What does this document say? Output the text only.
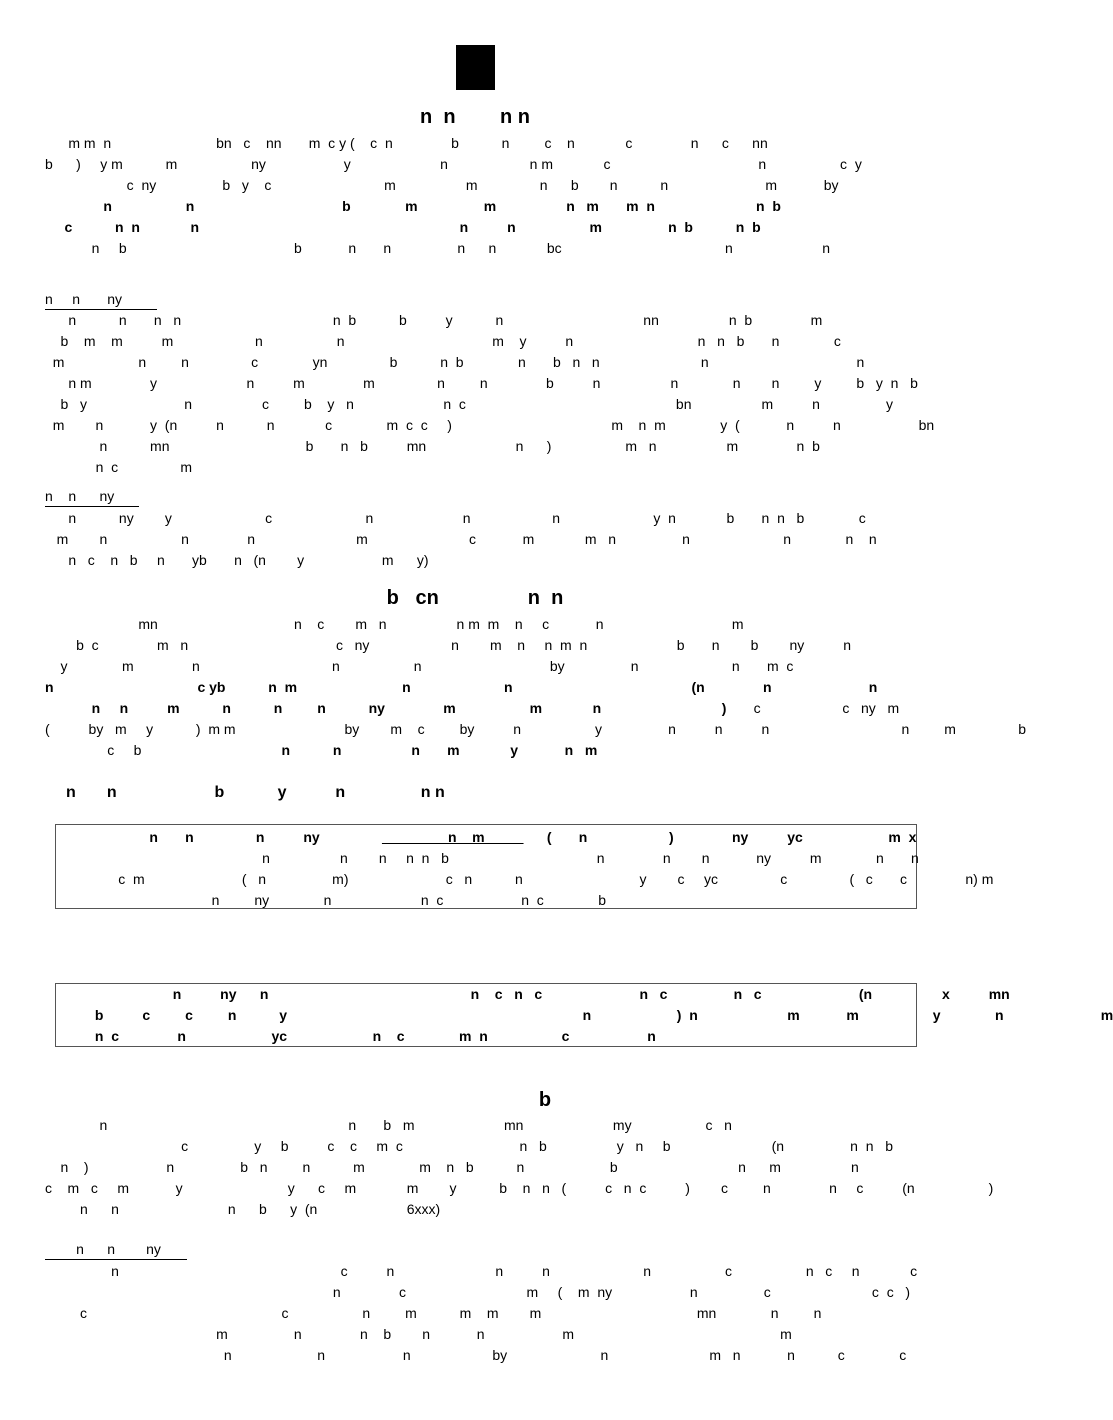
n  n        n n
m m  n                           bn   c    nn       m  c y (    c  n               b           n         c    n             c               n      c      nn
b      )     y m           m                   ny                    y                       n                     n m             c                                      n                   c  y
c  ny                 b   y    c                             m                  m                n      b        n           n                         m            by
n                   n                                      b              m                 m                  n   m       m  n                          n  b
c           n  n             n                                                                   n          n                   m                 n  b           n  b
n     b                                           b            n       n                 n      n             bc                                          n                       n
n     n       ny
n           n       n   n                                       n  b           b          y           n                                    nn                  n  b               m
b    m    m          m                     n                   n                                      m    y          n                                n   n   b       n              c
m                   n         n                c              yn                b           n  b              n       b   n   n                          n                                      n
n m               y                       n          m               m                n         n               b          n                  n              n        n         y         b   y  n   b
b   y                         n                  c         b    y   n                       n  c                                                      bn                  m          n                 y
m        n            y  (n          n           n             c              m  c  c     )                                         m    n  m              y  (            n          n                    bn
n           mn                                   b       n   b          mn                       n      )                   m   n                  m               n  b
n  c                m
n    n      ny
n           ny        y                        c                        n                       n                     n                        y  n             b       n  n   b              c
m        n                   n               n                          m                          c            m             m   n                 n                        n              n    n
n   c    n   b     n       yb       n   (n        y                    m      y)
b   cn                n  n
mn                                   n    c        m   n                  n m  m    n     c            n                                 m
b  c               m   n                                      c   ny                     n        m    n     n  m  n                       b       n        b        ny          n
y              m               n                                  n                   n                                 by                 n                        n       m  c
n                                     c yb           n  m                           n                        n                                              (n               n                         n
n     n          m           n           n         n           ny               m                   m             n                               )       c                     c   ny   m
(          by   m     y           )  m m                            by        m    c         by          n                   y                 n          n          n                                  n         m                b
c     b                                    n           n                  n       m             y            n   m
n       n                      b            y           n                 n n
n       n                n          ny                                 n    m                (       n                     )               ny          yc                      m  x
n                  n        n     n  n   b                                      n               n        n            ny          m              n       n
c  m                         (   n                 m)                         c   n           n                              y        c     yc                c                (   c       c               n) m
n         ny              n                       n  c                    n  c              b
n          ny      n                                                    n    c   n   c                         n   c                 n   c                         (n                  x          mn
b          c         c         n           y                                                                            n                      )  n                       m            m                   y              n                         m
n  c               n                      yc                      n    c              m  n                   c                    n
b
n                                                              n       b   m                       mn                       my                   c   n
c                 y     b          c    c     m  c                              n   b                  y   n     b                          (n                 n  n   b
n    )                    n                 b   n         n           m              m    n   b           n                      b                               n      m                  n
c    m   c     m            y                           y      c     m             m        y           b    n   n   (          c   n  c          )        c         n               n     c          (n                   )
n      n                            n      b      y  (n                       6xxx)
n      n        ny
n                                                         c          n                          n          n                        n                   c                   n   c     n             c
n               c                               m     (    m  ny                    n                 c                          c  c   )
c                                                  c                   n         m           m    m        m                                        mn              n         n
m                 n               n    b        n            n                    m                                                     m
n                      n                    n                     by                        n                          m   n            n           c              c
